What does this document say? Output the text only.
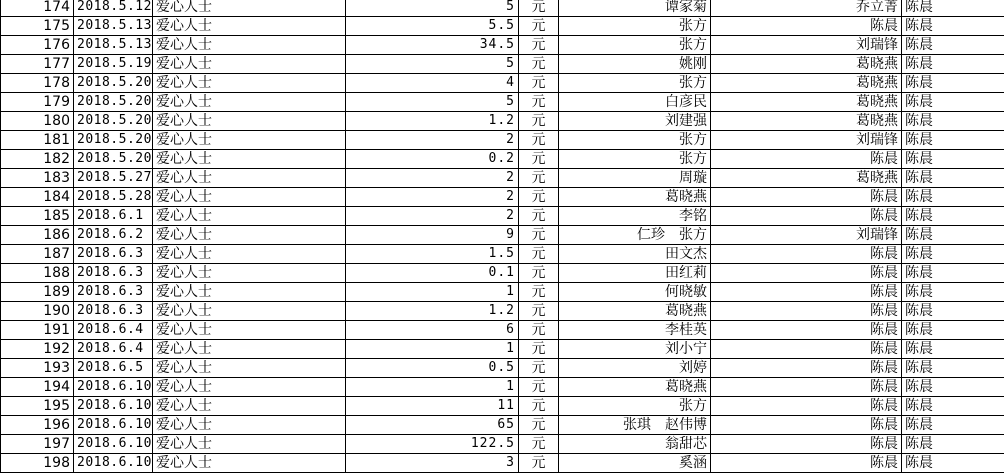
174	2018.5.12	爱心人士	5	元	谭家菊	乔立菁	陈晨
175	2018.5.13	爱心人士	5.5	元	张方	陈晨	陈晨
176	2018.5.13	爱心人士	34.5	元	张方	刘瑞锋	陈晨
177	2018.5.19	爱心人士	5	元	姚刚	葛晓燕	陈晨
178	2018.5.20	爱心人士	4	元	张方	葛晓燕	陈晨
179	2018.5.20	爱心人士	5	元	白彦民	葛晓燕	陈晨
180	2018.5.20	爱心人士	1.2	元	刘建强	葛晓燕	陈晨
181	2018.5.20	爱心人士	2	元	张方	刘瑞锋	陈晨
182	2018.5.20	爱心人士	0.2	元	张方	陈晨	陈晨
183	2018.5.27	爱心人士	2	元	周璇	葛晓燕	陈晨
184	2018.5.28	爱心人士	2	元	葛晓燕	陈晨	陈晨
185	2018.6.1	爱心人士	2	元	李铭	陈晨	陈晨
186	2018.6.2	爱心人士	9	元	仁珍　张方	刘瑞锋	陈晨
187	2018.6.3	爱心人士	1.5	元	田文杰	陈晨	陈晨
188	2018.6.3	爱心人士	0.1	元	田红莉	陈晨	陈晨
189	2018.6.3	爱心人士	1	元	何晓敏	陈晨	陈晨
190	2018.6.3	爱心人士	1.2	元	葛晓燕	陈晨	陈晨
191	2018.6.4	爱心人士	6	元	李桂英	陈晨	陈晨
192	2018.6.4	爱心人士	1	元	刘小宁	陈晨	陈晨
193	2018.6.5	爱心人士	0.5	元	刘婷	陈晨	陈晨
194	2018.6.10	爱心人士	1	元	葛晓燕	陈晨	陈晨
195	2018.6.10	爱心人士	11	元	张方	陈晨	陈晨
196	2018.6.10	爱心人士	65	元	张琪　赵伟博	陈晨	陈晨
197	2018.6.10	爱心人士	122.5	元	翁甜芯	陈晨	陈晨
198	2018.6.10	爱心人士	3	元	奚涵	陈晨	陈晨
